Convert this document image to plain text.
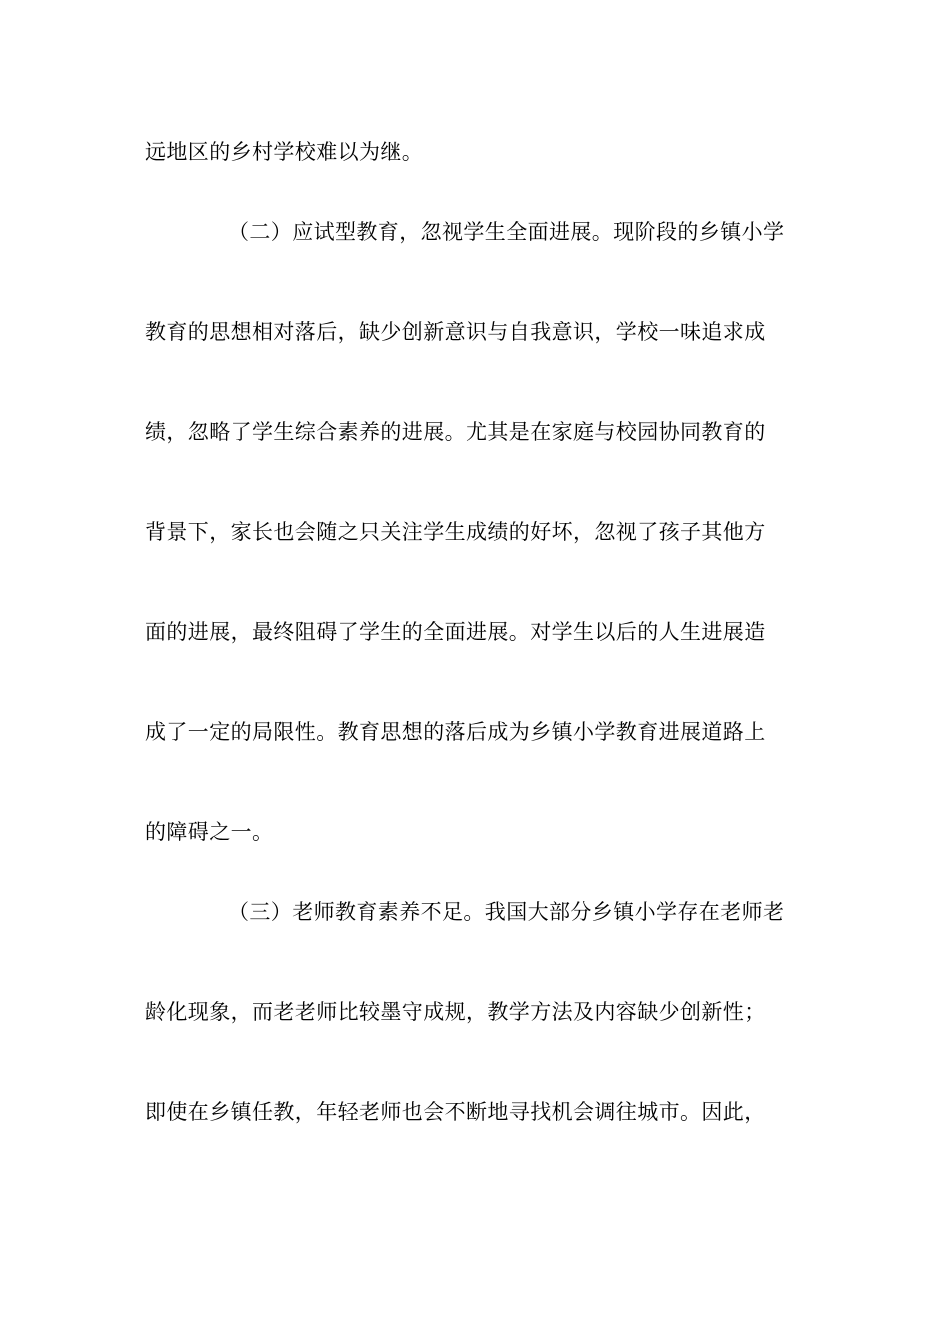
远地区的乡村学校难以为继。
（二）应试型教育，忽视学生全面进展。现阶段的乡镇小学
教育的思想相对落后，缺少创新意识与自我意识，学校一味追求成
绩，忽略了学生综合素养的进展。尤其是在家庭与校园协同教育的
背景下，家长也会随之只关注学生成绩的好坏，忽视了孩子其他方
面的进展，最终阻碍了学生的全面进展。对学生以后的人生进展造
成了一定的局限性。教育思想的落后成为乡镇小学教育进展道路上
的障碍之一。
（三）老师教育素养不足。我国大部分乡镇小学存在老师老
龄化现象，而老老师比较墨守成规，教学方法及内容缺少创新性；
即使在乡镇任教，年轻老师也会不断地寻找机会调往城市。因此，
